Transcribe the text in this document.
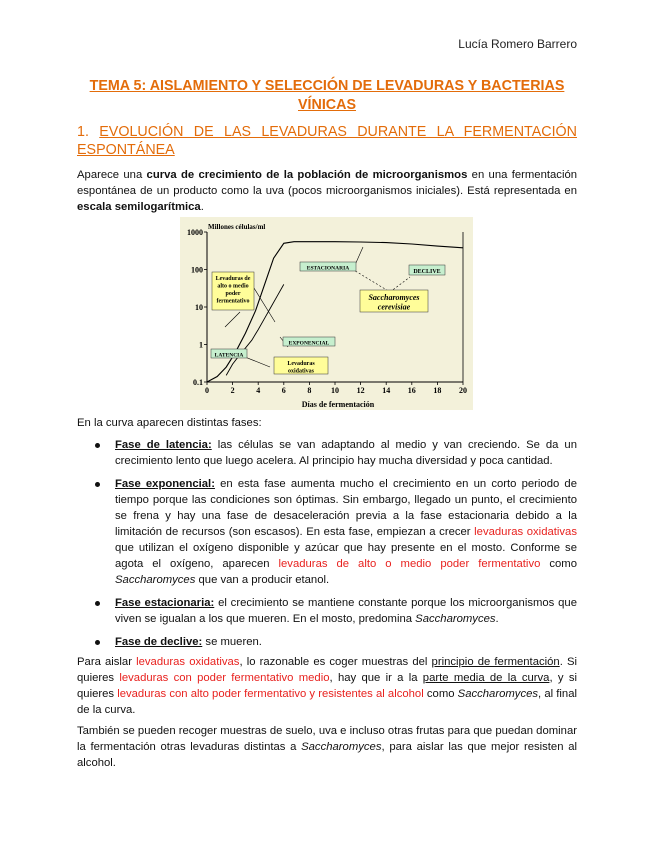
Lucía Romero Barrero
TEMA 5: AISLAMIENTO Y SELECCIÓN DE LEVADURAS Y BACTERIAS VÍNICAS
1. EVOLUCIÓN DE LAS LEVADURAS DURANTE LA FERMENTACIÓN ESPONTÁNEA
Aparece una curva de crecimiento de la población de microorganismos en una fermentación espontánea de un producto como la uva (pocos microorganismos iniciales). Está representada en escala semilogarítmica.
Millones células/ml
Días de fermentación
0	2	4	6	8 10 12 14 16 18 20
1000
100
10
1
0.1
LATENCIA
EXPONENCIAL
ESTACIONARIA
DECLIVE
Levaduras de
alto o medio
poder
fermentativo
Levaduras
oxidativas
Saccharomyces
cerevisiae
En la curva aparecen distintas fases:
Fase de latencia: las células se van adaptando al medio y van creciendo. Se da un crecimiento lento que luego acelera. Al principio hay mucha diversidad y poca cantidad.
Fase exponencial: en esta fase aumenta mucho el crecimiento en un corto periodo de tiempo porque las condiciones son óptimas. Sin embargo, llegado un punto, el crecimiento se frena y hay una fase de desaceleración previa a la fase estacionaria debido a la limitación de recursos (son escasos). En esta fase, empiezan a crecer levaduras oxidativas que utilizan el oxígeno disponible y azúcar que hay presente en el mosto. Conforme se agota el oxígeno, aparecen levaduras de alto o medio poder fermentativo como Saccharomyces que van a producir etanol.
Fase estacionaria: el crecimiento se mantiene constante porque los microorganismos que viven se igualan a los que mueren. En el mosto, predomina Saccharomyces.
Fase de declive: se mueren.
Para aislar levaduras oxidativas, lo razonable es coger muestras del principio de fermentación. Si quieres levaduras con poder fermentativo medio, hay que ir a la parte media de la curva, y si quieres levaduras con alto poder fermentativo y resistentes al alcohol como Saccharomyces, al final de la curva.
También se pueden recoger muestras de suelo, uva e incluso otras frutas para que puedan dominar la fermentación otras levaduras distintas a Saccharomyces, para aislar las que mejor resisten al alcohol.
